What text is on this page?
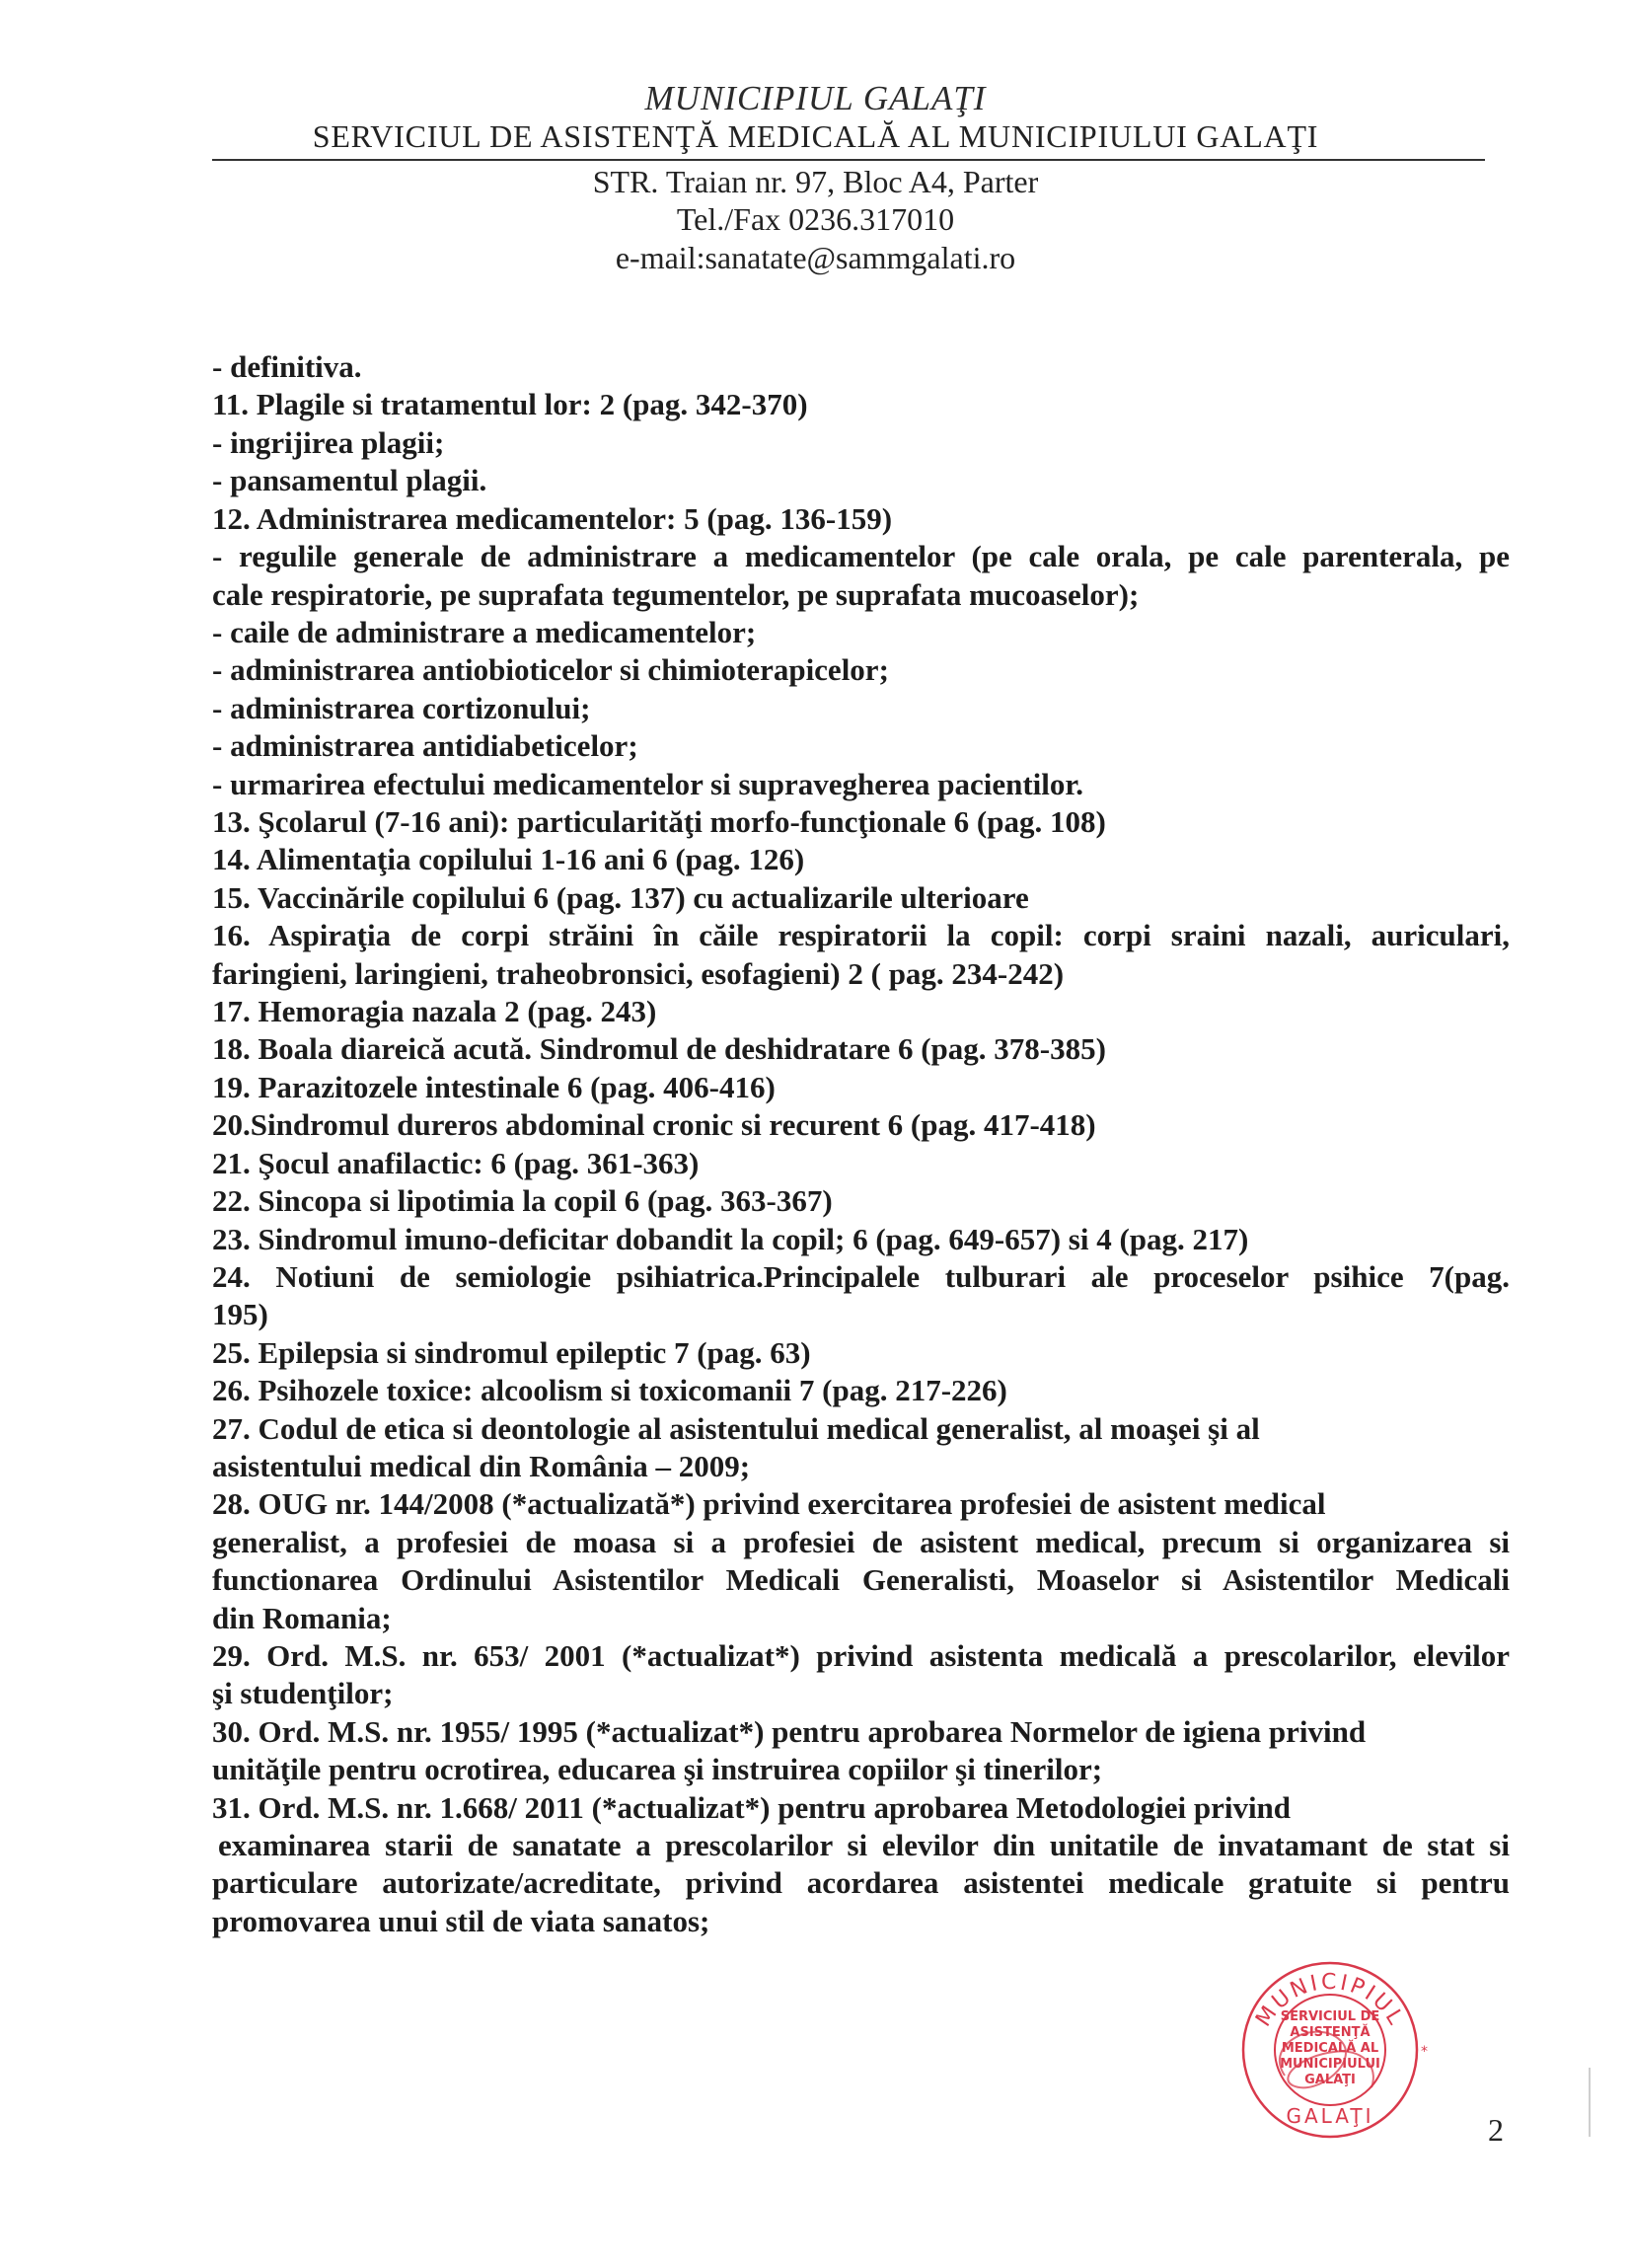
MUNICIPIUL GALAŢI
SERVICIUL DE ASISTENŢĂ MEDICALĂ AL MUNICIPIULUI GALAŢI
STR. Traian nr. 97, Bloc A4, Parter
Tel./Fax 0236.317010
e-mail:sanatate@sammgalati.ro
- definitiva.
11. Plagile si tratamentul lor: 2 (pag. 342-370)
- ingrijirea plagii;
- pansamentul plagii.
12. Administrarea medicamentelor: 5 (pag. 136-159)
- regulile generale de administrare a medicamentelor (pe cale orala, pe cale parenterala, pe
cale respiratorie, pe suprafata tegumentelor, pe suprafata mucoaselor);
- caile de administrare a medicamentelor;
- administrarea antiobioticelor si chimioterapicelor;
- administrarea cortizonului;
- administrarea antidiabeticelor;
- urmarirea efectului medicamentelor si supravegherea pacientilor.
13. Şcolarul (7-16 ani): particularităţi morfo-funcţionale 6 (pag. 108)
14. Alimentaţia copilului 1-16 ani 6 (pag. 126)
15. Vaccinările copilului 6 (pag. 137) cu actualizarile ulterioare
16. Aspiraţia de corpi străini în căile respiratorii la copil: corpi sraini nazali, auriculari,
faringieni, laringieni, traheobronsici, esofagieni) 2 ( pag. 234-242)
17. Hemoragia nazala 2 (pag. 243)
18. Boala diareică acută. Sindromul de deshidratare 6 (pag. 378-385)
19. Parazitozele intestinale 6 (pag. 406-416)
20.Sindromul dureros abdominal cronic si recurent 6 (pag. 417-418)
21. Şocul anafilactic: 6 (pag. 361-363)
22. Sincopa si lipotimia la copil 6 (pag. 363-367)
23. Sindromul imuno-deficitar dobandit la copil; 6 (pag. 649-657) si 4 (pag. 217)
24. Notiuni de semiologie psihiatrica.Principalele tulburari ale proceselor psihice 7(pag.
195)
25. Epilepsia si sindromul epileptic 7 (pag. 63)
26. Psihozele toxice: alcoolism si toxicomanii 7 (pag. 217-226)
27. Codul de etica si deontologie al asistentului medical generalist, al moaşei şi al
asistentului medical din România – 2009;
28. OUG nr. 144/2008 (*actualizată*) privind exercitarea profesiei de asistent medical
generalist, a profesiei de moasa si a profesiei de asistent medical, precum si organizarea si
functionarea Ordinului Asistentilor Medicali Generalisti, Moaselor si Asistentilor Medicali
din Romania;
29. Ord. M.S. nr. 653/ 2001 (*actualizat*) privind asistenta medicală a prescolarilor, elevilor
şi studenţilor;
30. Ord. M.S. nr. 1955/ 1995 (*actualizat*) pentru aprobarea Normelor de igiena privind
unităţile pentru ocrotirea, educarea şi instruirea copiilor şi tinerilor;
31. Ord. M.S. nr. 1.668/ 2011 (*actualizat*) pentru aprobarea Metodologiei privind
examinarea starii de sanatate a prescolarilor si elevilor din unitatile de invatamant de stat si
particulare autorizate/acreditate, privind acordarea asistentei medicale gratuite si pentru
promovarea unui stil de viata sanatos;
MUNICIPIUL
GALAŢI
SERVICIUL DE
ASISTENŢĂ
MEDICALĂ AL
MUNICIPIULUI
GALAŢI
*
2
